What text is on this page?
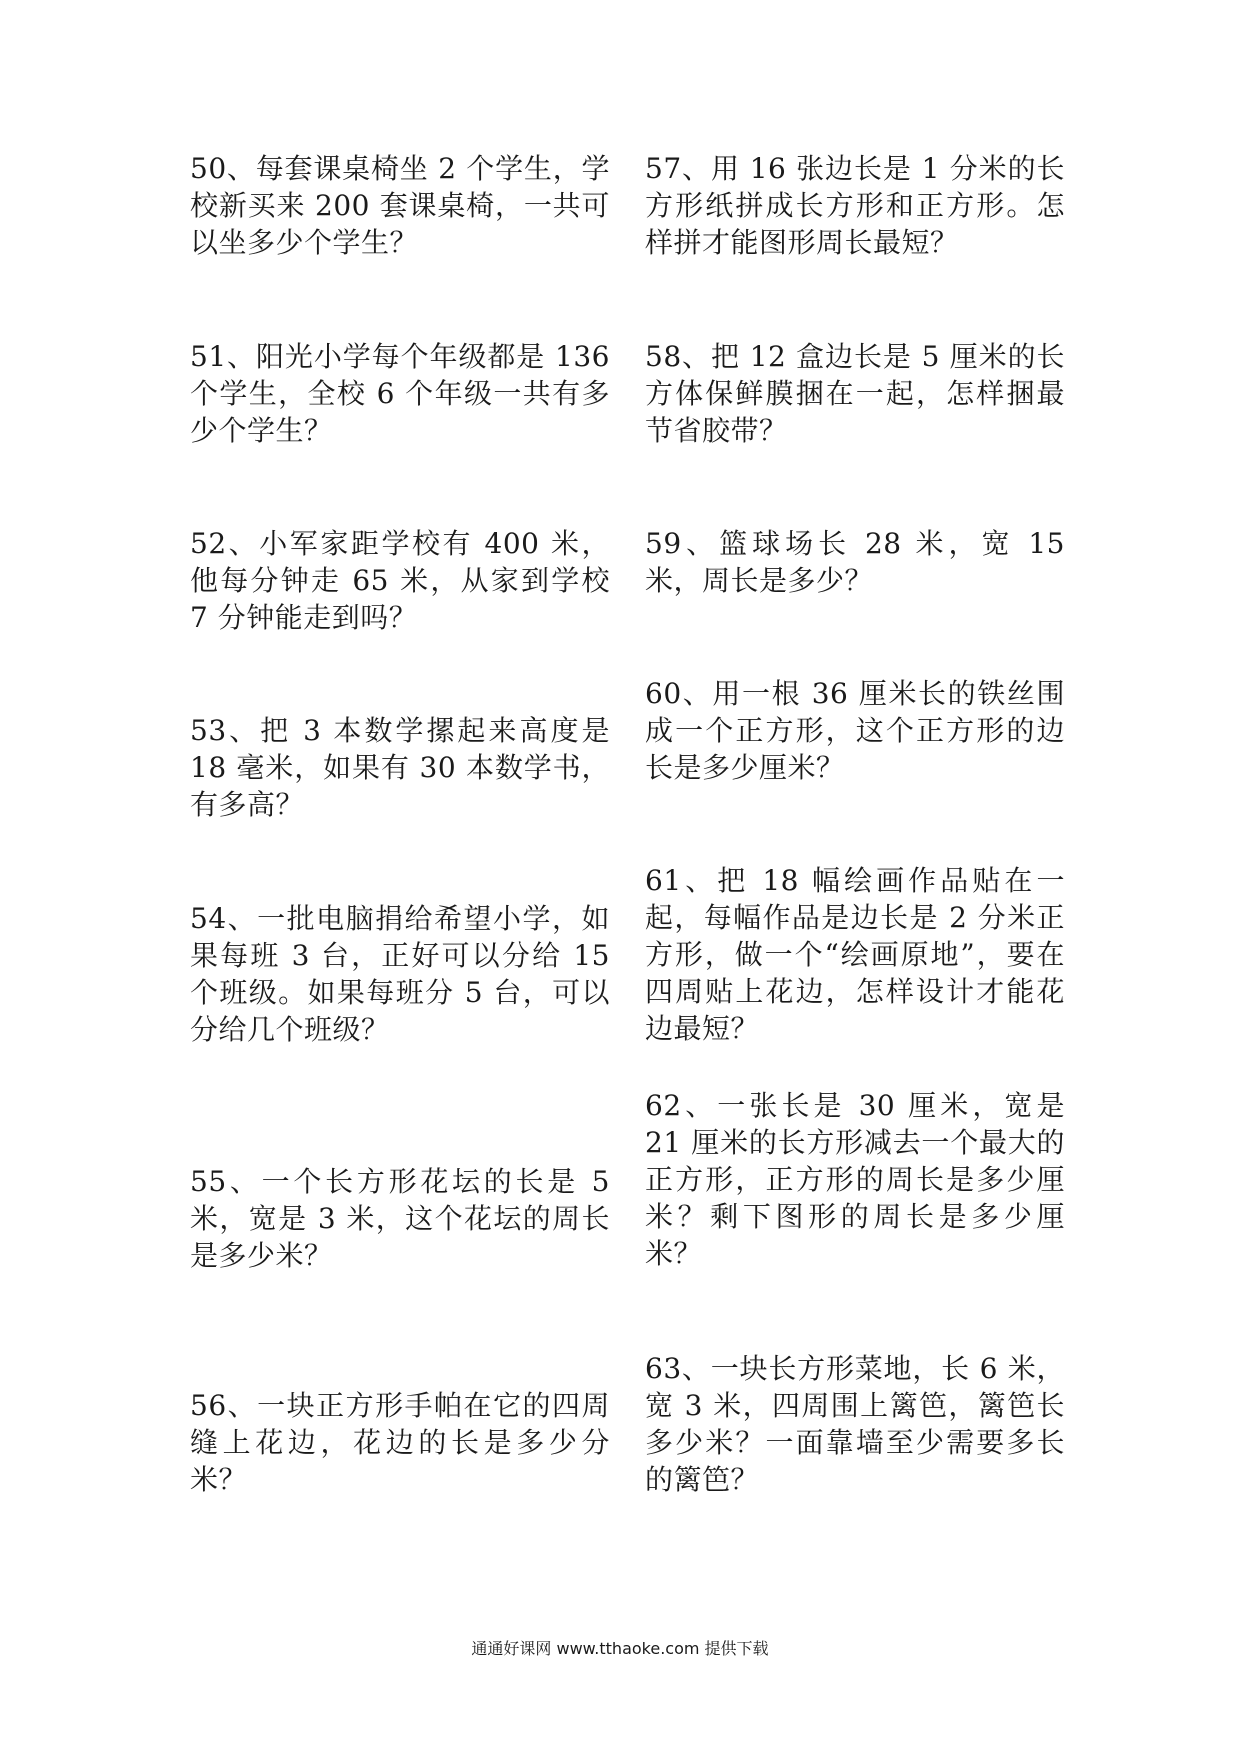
50、每套课桌椅坐 2 个学生，学校新买来 200 套课桌椅，一共可以坐多少个学生？
51、阳光小学每个年级都是 136 个学生，全校 6 个年级一共有多少个学生？
52、小军家距学校有 400 米，他每分钟走 65 米，从家到学校 7 分钟能走到吗？
53、把 3 本数学摞起来高度是 18 毫米，如果有 30 本数学书，有多高？
54、一批电脑捐给希望小学，如果每班 3 台，正好可以分给 15 个班级。如果每班分 5 台，可以分给几个班级？
55、一个长方形花坛的长是 5 米，宽是 3 米，这个花坛的周长是多少米？
56、一块正方形手帕在它的四周缝上花边，花边的长是多少分米？
57、用 16 张边长是 1 分米的长方形纸拼成长方形和正方形。怎样拼才能图形周长最短？
58、把 12 盒边长是 5 厘米的长方体保鲜膜捆在一起，怎样捆最节省胶带？
59、篮球场长 28 米，宽 15 米，周长是多少？
60、用一根 36 厘米长的铁丝围成一个正方形，这个正方形的边长是多少厘米？
61、把 18 幅绘画作品贴在一起，每幅作品是边长是 2 分米正方形，做一个“绘画原地”，要在四周贴上花边，怎样设计才能花边最短？
62、一张长是 30 厘米，宽是 21 厘米的长方形减去一个最大的正方形，正方形的周长是多少厘米？剩下图形的周长是多少厘米？
63、一块长方形菜地，长 6 米，宽 3 米，四周围上篱笆，篱笆长多少米？一面靠墙至少需要多长的篱笆？
通通好课网 www.tthaoke.com 提供下载
